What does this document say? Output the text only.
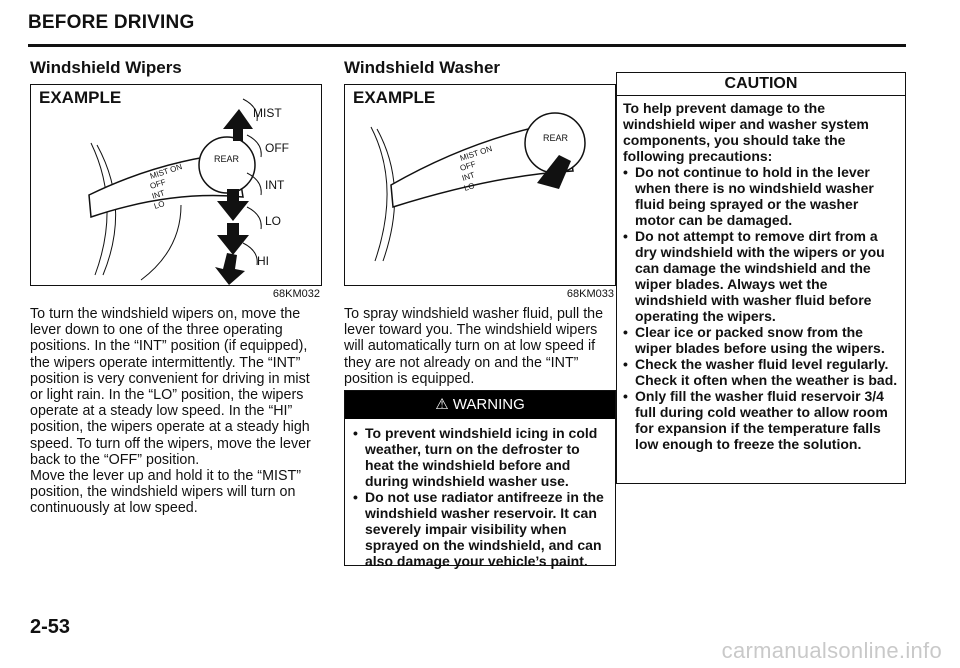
BEFORE DRIVING
Windshield Wipers
EXAMPLE
REAR
MIST ON
OFF
INT
LO
MIST
OFF
INT
LO
HI
68KM032

To turn the windshield wipers on, move the lever down to one of the three operating positions. In the “INT” position (if equipped), the wipers operate intermittently. The “INT” position is very convenient for driving in mist or light rain. In the “LO” position, the wipers operate at a steady low speed. In the “HI” position, the wipers operate at a steady high speed. To turn off the wipers, move the lever back to the “OFF” position.

Move the lever up and hold it to the “MIST” position, the windshield wipers will turn on continuously at low speed.

Windshield Washer
EXAMPLE
REAR
MIST ON
OFF
INT
LO
68KM033
To spray windshield washer fluid, pull the lever toward you. The windshield wipers will automatically turn on at low speed if they are not already on and the “INT” position is equipped.
⚠ WARNING
• To prevent windshield icing in cold weather, turn on the defroster to heat the windshield before and during windshield washer use.
• Do not use radiator antifreeze in the windshield washer reservoir. It can severely impair visibility when sprayed on the windshield, and can also damage your vehicle’s paint.
CAUTION
To help prevent damage to the windshield wiper and washer system components, you should take the following precautions:
• Do not continue to hold in the lever when there is no windshield washer fluid being sprayed or the washer motor can be damaged.
• Do not attempt to remove dirt from a dry windshield with the wipers or you can damage the windshield and the wiper blades. Always wet the windshield with washer fluid before operating the wipers.
• Clear ice or packed snow from the wiper blades before using the wipers.
• Check the washer fluid level regularly. Check it often when the weather is bad.
• Only fill the washer fluid reservoir 3/4 full during cold weather to allow room for expansion if the temperature falls low enough to freeze the solution.
2-53
carmanualsonline.info
